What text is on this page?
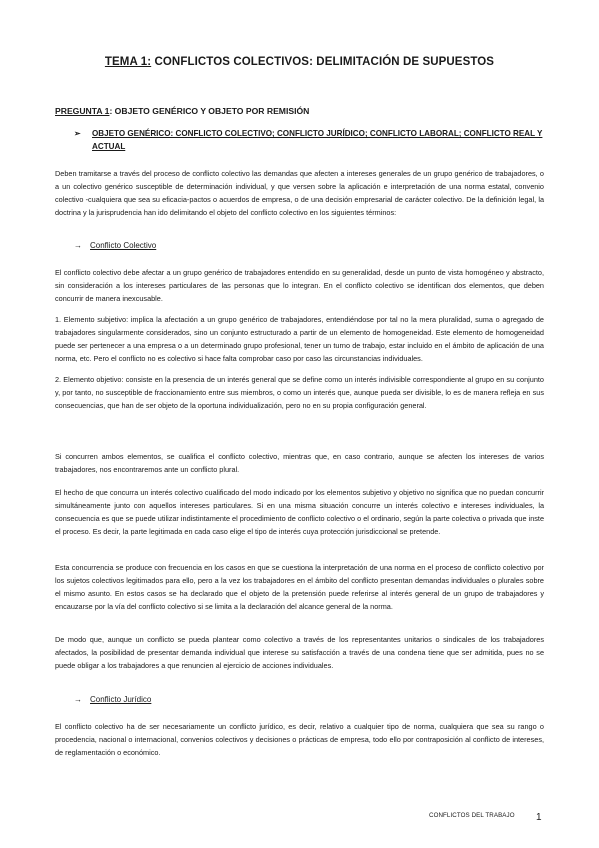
TEMA 1: CONFLICTOS COLECTIVOS: DELIMITACIÓN DE SUPUESTOS
PREGUNTA 1: OBJETO GENÉRICO Y OBJETO POR REMISIÓN
➢ OBJETO GENÉRICO: CONFLICTO COLECTIVO; CONFLICTO JURÍDICO; CONFLICTO LABORAL; CONFLICTO REAL Y ACTUAL

Deben tramitarse a través del proceso de conflicto colectivo las demandas que afecten a intereses generales de un grupo genérico de trabajadores, o a un colectivo genérico susceptible de determinación individual, y que versen sobre la aplicación e interpretación de una norma estatal, convenio colectivo -cualquiera que sea su eficacia-pactos o acuerdos de empresa, o de una decisión empresarial de carácter colectivo. De la definición legal, la doctrina y la jurisprudencia han ido delimitando el objeto del conflicto colectivo en los siguientes términos:

→ Conflicto Colectivo

El conflicto colectivo debe afectar a un grupo genérico de trabajadores entendido en su generalidad, desde un punto de vista homogéneo y abstracto, sin consideración a los intereses particulares de las personas que lo integran. En el conflicto colectivo se identifican dos elementos, que deben concurrir de manera inexcusable.

1. Elemento subjetivo: implica la afectación a un grupo genérico de trabajadores, entendiéndose por tal no la mera pluralidad, suma o agregado de trabajadores singularmente considerados, sino un conjunto estructurado a partir de un elemento de homogeneidad. Este elemento de homogeneidad puede ser pertenecer a una empresa o a un determinado grupo profesional, tener un turno de trabajo, estar incluido en el ámbito de aplicación de una norma, etc. Pero el conflicto no es colectivo si hace falta comprobar caso por caso las circunstancias individuales.

2. Elemento objetivo: consiste en la presencia de un interés general que se define como un interés indivisible correspondiente al grupo en su conjunto y, por tanto, no susceptible de fraccionamiento entre sus miembros, o como un interés que, aunque pueda ser divisible, lo es de manera refleja en sus consecuencias, que han de ser objeto de la oportuna individualización, pero no en su propia configuración general.

Si concurren ambos elementos, se cualifica el conflicto colectivo, mientras que, en caso contrario, aunque se afecten los intereses de varios trabajadores, nos encontraremos ante un conflicto plural.

El hecho de que concurra un interés colectivo cualificado del modo indicado por los elementos subjetivo y objetivo no significa que no puedan concurrir simultáneamente junto con aquellos intereses particulares. Si en una misma situación concurre un interés colectivo e intereses individuales, la consecuencia es que se puede utilizar indistintamente el procedimiento de conflicto colectivo o el ordinario, según la parte colectiva o privada que inste el proceso. Es decir, la parte legitimada en cada caso elige el tipo de interés cuya protección jurisdiccional se pretende.

Esta concurrencia se produce con frecuencia en los casos en que se cuestiona la interpretación de una norma en el proceso de conflicto colectivo por los sujetos colectivos legitimados para ello, pero a la vez los trabajadores en el ámbito del conflicto presentan demandas individuales o plurales sobre el mismo asunto. En estos casos se ha declarado que el objeto de la pretensión puede referirse al interés general de un grupo de trabajadores y encauzarse por la vía del conflicto colectivo si se limita a la declaración del alcance general de la norma.

De modo que, aunque un conflicto se pueda plantear como colectivo a través de los representantes unitarios o sindicales de los trabajadores afectados, la posibilidad de presentar demanda individual que interese su satisfacción a través de una condena tiene que ser admitida, pues no se puede obligar a los trabajadores a que renuncien al ejercicio de acciones individuales.

→ Conflicto Jurídico

El conflicto colectivo ha de ser necesariamente un conflicto jurídico, es decir, relativo a cualquier tipo de norma, cualquiera que sea su rango o procedencia, nacional o internacional, convenios colectivos y decisiones o prácticas de empresa, todo ello por contraposición al conflicto de intereses, de reglamentación o económico.

CONFLICTOS DEL TRABAJO 1
